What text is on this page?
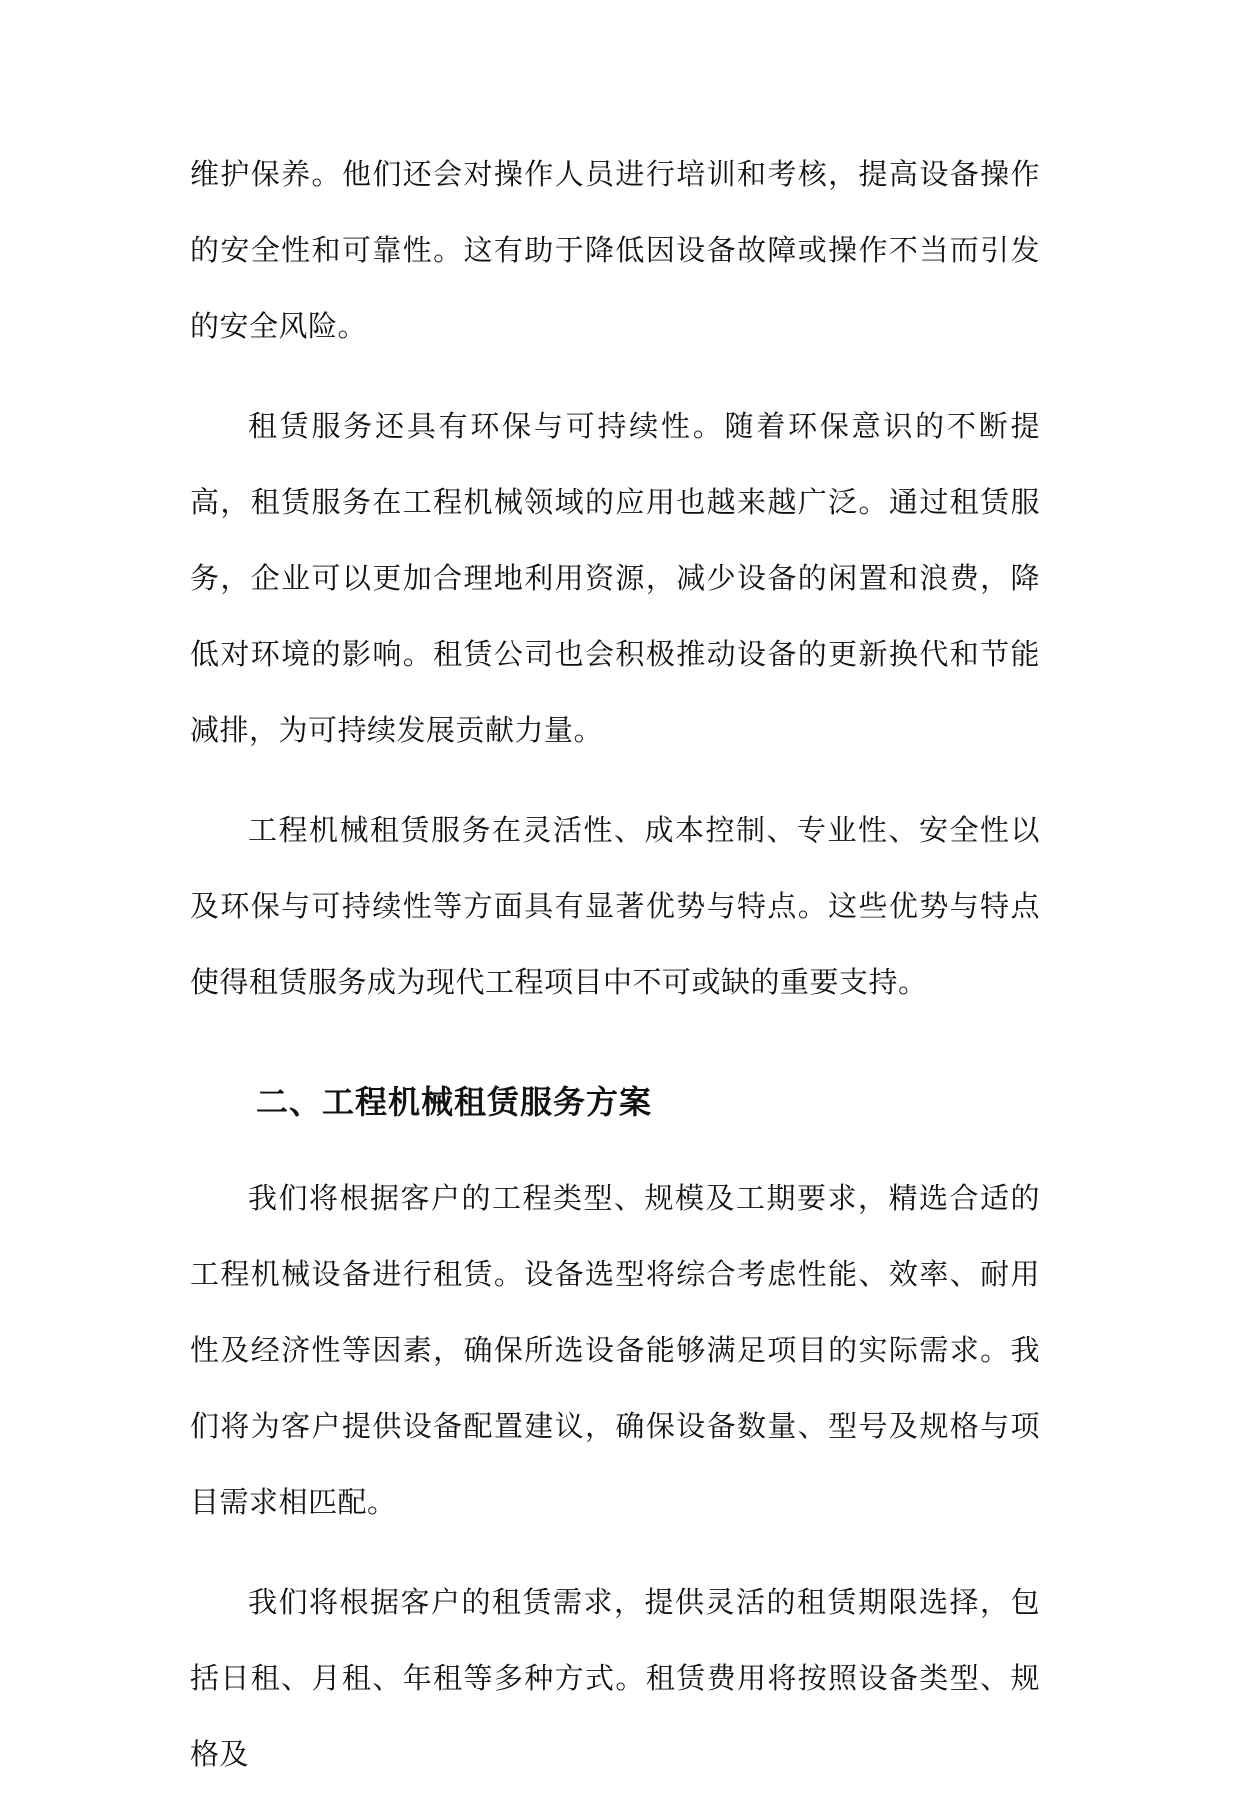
维护保养。他们还会对操作人员进行培训和考核，提高设备操作的安全性和可靠性。这有助于降低因设备故障或操作不当而引发的安全风险。

租赁服务还具有环保与可持续性。随着环保意识的不断提高，租赁服务在工程机械领域的应用也越来越广泛。通过租赁服务，企业可以更加合理地利用资源，减少设备的闲置和浪费，降低对环境的影响。租赁公司也会积极推动设备的更新换代和节能减排，为可持续发展贡献力量。

工程机械租赁服务在灵活性、成本控制、专业性、安全性以及环保与可持续性等方面具有显著优势与特点。这些优势与特点使得租赁服务成为现代工程项目中不可或缺的重要支持。

二、工程机械租赁服务方案

我们将根据客户的工程类型、规模及工期要求，精选合适的工程机械设备进行租赁。设备选型将综合考虑性能、效率、耐用性及经济性等因素，确保所选设备能够满足项目的实际需求。我们将为客户提供设备配置建议，确保设备数量、型号及规格与项目需求相匹配。

我们将根据客户的租赁需求，提供灵活的租赁期限选择，包括日租、月租、年租等多种方式。租赁费用将按照设备类型、规格及
